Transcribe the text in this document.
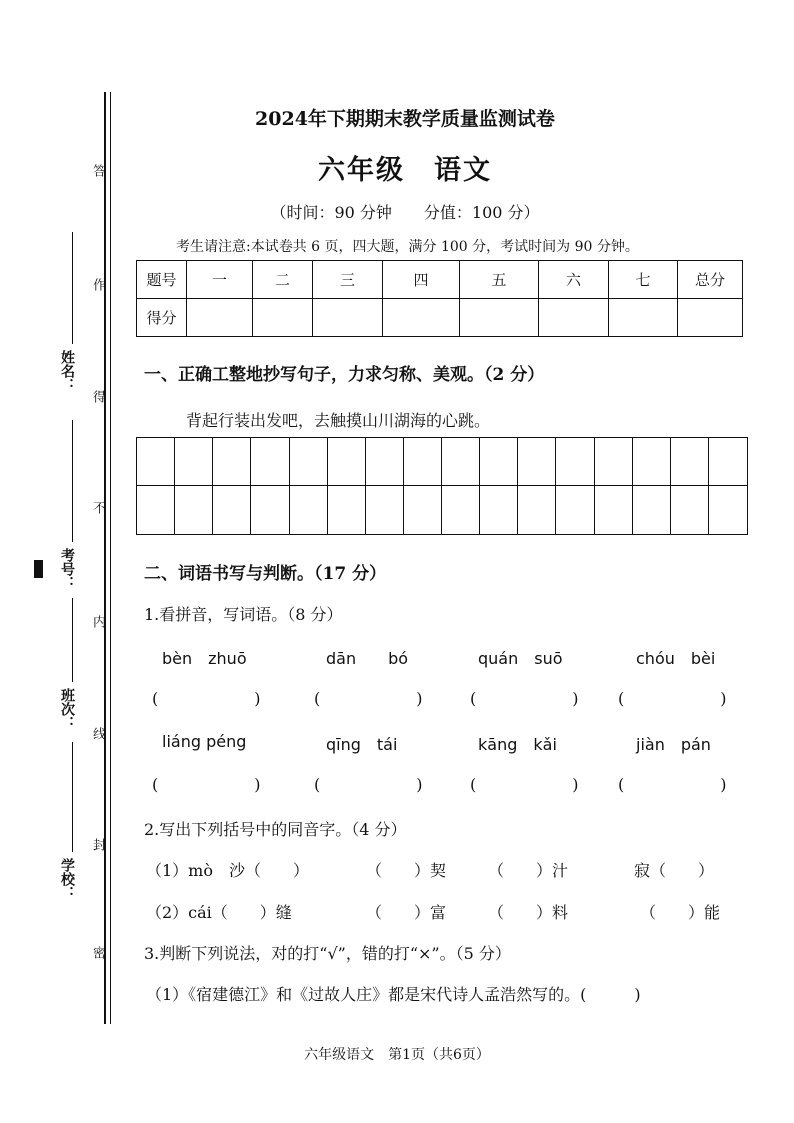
答
作
得
不
内
线
封
密
姓名：
考号：
班次：
学校：
2024年下期期末教学质量监测试卷
六年级　语文
（时间：90 分钟　　分值：100 分）
考生请注意:本试卷共 6 页，四大题，满分 100 分，考试时间为 90 分钟。
题号	一	二	三	四	五	六	七	总分
得分								
一、正确工整地抄写句子，力求匀称、美观。（2 分）
背起行装出发吧，去触摸山川湖海的心跳。
二、词语书写与判断。（17 分）
1.看拼音，写词语。（8 分）
bèn　zhuō	dān　　bó	quán　suō	chóu　bèi
(　　　　　　)	(　　　　　　)	(　　　　　　) (　　　　　　)
liáng péng	qīng　tái	kāng　kǎi	jiàn　pán
(　　　　　　)	(　　　　　　)	(　　　　　　) (　　　　　　)
2.写出下列括号中的同音字。（4 分）
（1）mò　沙（　　）	（　　）契	（　　）汁	寂（　　）
（2）cái（　　）缝	（　　）富	（　　）料	（　　）能
3.判断下列说法，对的打“√”，错的打“×”。（5 分）
（1）《宿建德江》和《过故人庄》都是宋代诗人孟浩然写的。(　　　)
六年级语文　第1页（共6页）
